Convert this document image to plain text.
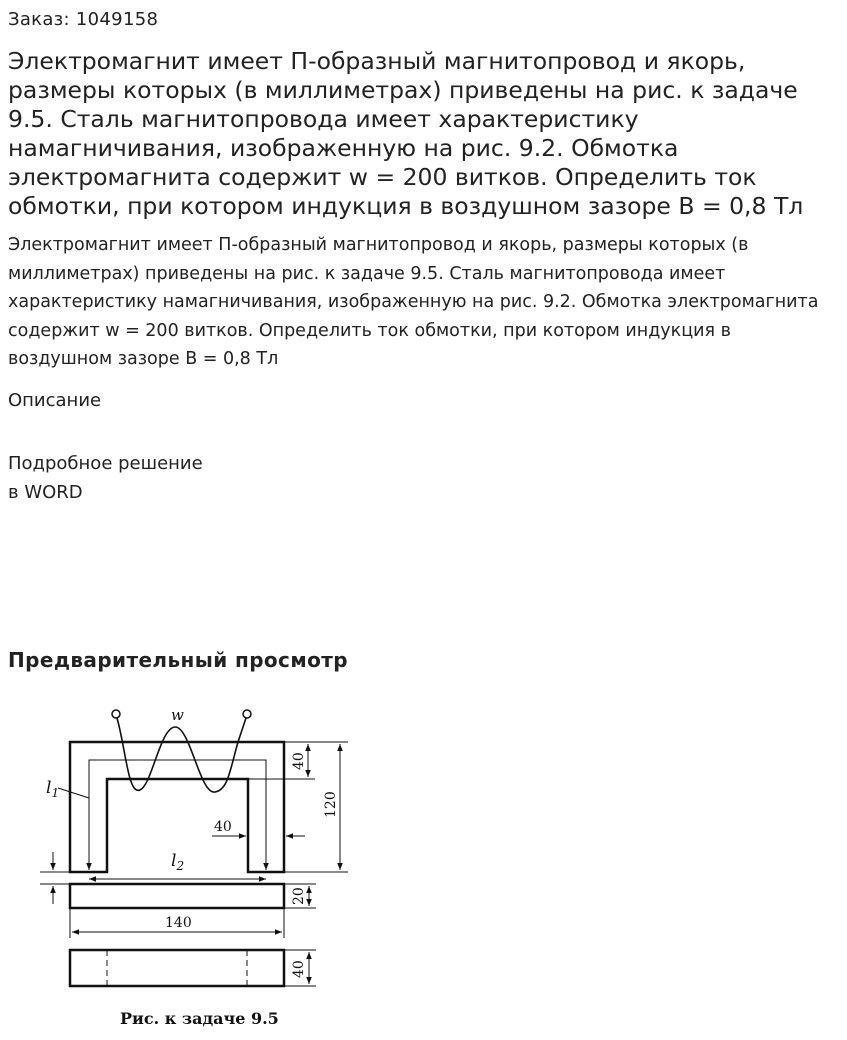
Заказ: 1049158
Электромагнит имеет П-образный магнитопровод и якорь, размеры которых (в миллиметрах) приведены на рис. к задаче 9.5. Сталь магнитопровода имеет характеристику намагничивания, изображенную на рис. 9.2. Обмотка электромагнита содержит w = 200 витков. Определить ток обмотки, при котором индукция в воздушном зазоре В = 0,8 Тл

Электромагнит имеет П-образный магнитопровод и якорь, размеры которых (в миллиметрах) приведены на рис. к задаче 9.5. Сталь магнитопровода имеет характеристику намагничивания, изображенную на рис. 9.2. Обмотка электромагнита содержит w = 200 витков. Определить ток обмотки, при котором индукция в воздушном зазоре В = 0,8 Тл

Описание
Подробное решение
в WORD
Предварительный просмотр
w
$l_1$
$l_2$
40
120
40
20
140
40
Рис. к задаче 9.5
